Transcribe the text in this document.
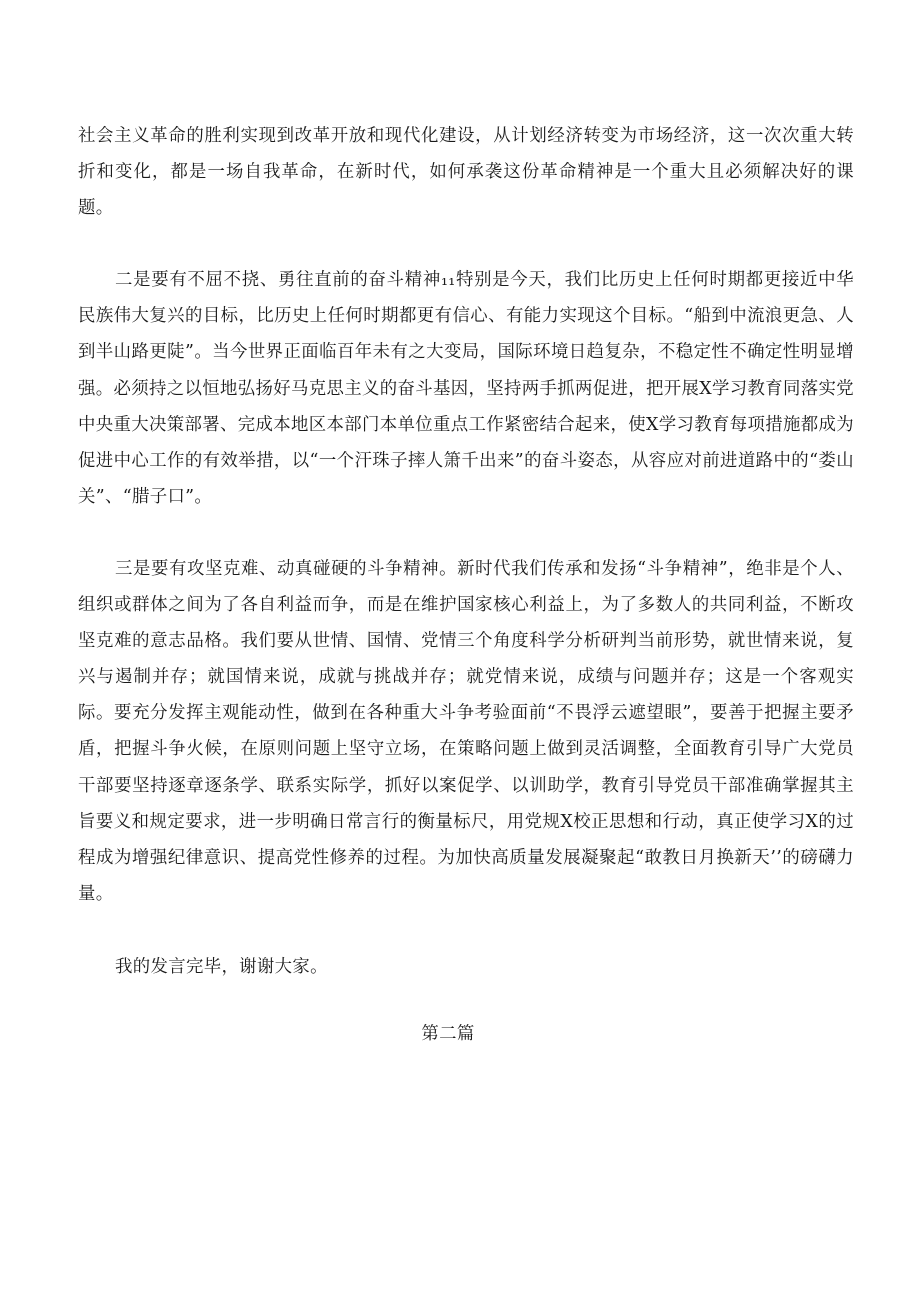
社会主义革命的胜利实现到改革开放和现代化建设，从计划经济转变为市场经济，这一次次重大转折和变化，都是一场自我革命，在新时代，如何承袭这份革命精神是一个重大且必须解决好的课题。

二是要有不屈不挠、勇往直前的奋斗精神₁₁特别是今天，我们比历史上任何时期都更接近中华民族伟大复兴的目标，比历史上任何时期都更有信心、有能力实现这个目标。“船到中流浪更急、人到半山路更陡”。当今世界正面临百年未有之大变局，国际环境日趋复杂，不稳定性不确定性明显增强。必须持之以恒地弘扬好马克思主义的奋斗基因，坚持两手抓两促进，把开展X学习教育同落实党中央重大决策部署、完成本地区本部门本单位重点工作紧密结合起来，使X学习教育每项措施都成为促进中心工作的有效举措，以“一个汗珠子摔人箫千出来”的奋斗姿态，从容应对前进道路中的“娄山关”、“腊子口”。

三是要有攻坚克难、动真碰硬的斗争精神。新时代我们传承和发扬“斗争精神”，绝非是个人、组织或群体之间为了各自利益而争，而是在维护国家核心利益上，为了多数人的共同利益，不断攻坚克难的意志品格。我们要从世情、国情、党情三个角度科学分析研判当前形势，就世情来说，复兴与遏制并存；就国情来说，成就与挑战并存；就党情来说，成绩与问题并存；这是一个客观实际。要充分发挥主观能动性，做到在各种重大斗争考验面前“不畏浮云遮望眼”，要善于把握主要矛盾，把握斗争火候，在原则问题上坚守立场，在策略问题上做到灵活调整，全面教育引导广大党员干部要坚持逐章逐条学、联系实际学，抓好以案促学、以训助学，教育引导党员干部准确掌握其主旨要义和规定要求，进一步明确日常言行的衡量标尺，用党规X校正思想和行动，真正使学习X的过程成为增强纪律意识、提高党性修养的过程。为加快高质量发展凝聚起“敢教日月换新天’’的磅礴力量。

我的发言完毕，谢谢大家。

第二篇
